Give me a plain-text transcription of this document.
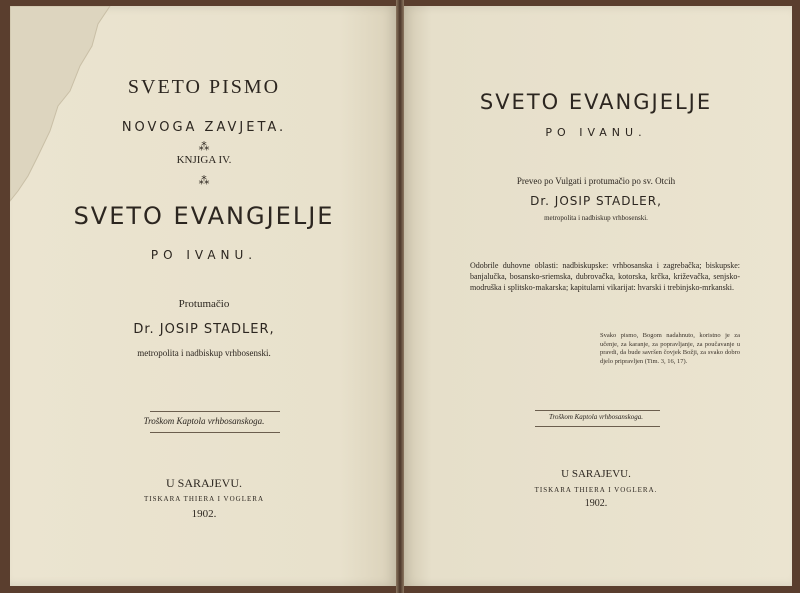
SVETO PISMO
NOVOGA ZAVJETA.
⁂
KNJIGA IV.
⁂
SVETO EVANGJELJE
PO IVANU.
Protumačio
Dr. JOSIP STADLER,
metropolita i nadbiskup vrhbosenski.
Troškom Kaptola vrhbosanskoga.
U SARAJEVU.
TISKARA THIERA I VOGLERA
1902.
SVETO EVANGJELJE
PO IVANU.
Preveo po Vulgati i protumačio po sv. Otcih
Dr. JOSIP STADLER,
metropolita i nadbiskup vrhbosenski.
Odobrile duhovne oblasti: nadbiskupske: vrhbosanska i zagrebačka; biskupske: banjalučka, bosansko-sriemska, dubrovačka, kotorska, krčka, križevačka, senjsko-modruška i splitsko-makarska; kapitularni vikarijat: hvarski i trebinjsko-mrkanski.
Svako pismo, Bogom nadahnuto, koristno je za učenje, za karanje, za popravljanje, za poučavanje u pravdi, da bude savršen čovjek Božji, za svako dobro djelo pripravljen (Tim. 3, 16, 17).
Troškom Kaptola vrhbosanskoga.
U SARAJEVU.
TISKARA THIERA I VOGLERA.
1902.
